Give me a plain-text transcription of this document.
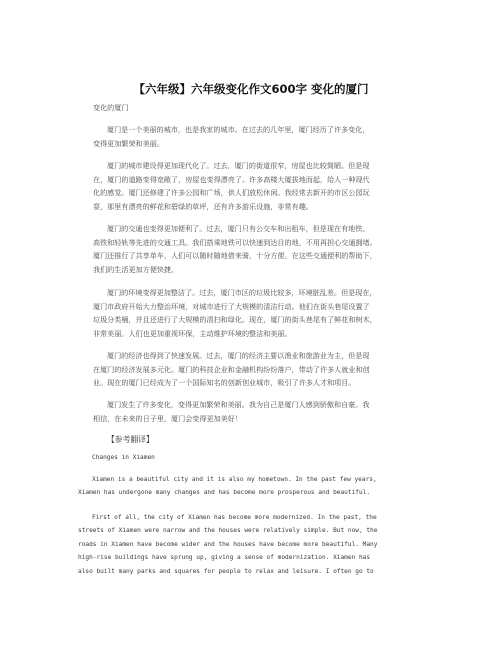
【六年级】六年级变化作文600字 变化的厦门
变化的厦门
厦门是一个美丽的城市，也是我家的城市。在过去的几年里，厦门经历了许多变化，
变得更加繁荣和美丽。
厦门的城市建设得更加现代化了。过去，厦门的街道很窄，房屋也比较简陋。但是现
在，厦门的道路变得宽敞了，房屋也变得漂亮了。许多高楼大厦拔地而起，给人一种现代
化的感觉。厦门还修建了许多公园和广场，供人们放松休闲。我经常去新开的市区公园玩
耍，那里有漂亮的鲜花和碧绿的草坪，还有许多游乐设施，非常有趣。
厦门的交通也变得更加便利了。过去，厦门只有公交车和出租车，但是现在有地铁、
高铁和轻轨等先进的交通工具。我们搭乘地铁可以快速到达目的地，不用再担心交通拥堵。
厦门还推行了共享单车，人们可以随时随地借来骑，十分方便。在这些交通便利的帮助下，
我们的生活更加方便快捷。
厦门的环境变得更加整洁了。过去，厦门市区的垃圾比较多，环境脏乱差。但是现在，
厦门市政府开始大力整治环境，对城市进行了大规模的清洁行动。他们在街头巷尾设置了
垃圾分类桶，并且还进行了大规模的清扫和绿化。现在，厦门的街头巷尾有了鲜花和树木，
非常美丽。人们也更加重视环保，主动维护环境的整洁和美丽。
厦门的经济也得到了快速发展。过去，厦门的经济主要以渔业和旅游业为主，但是现
在厦门的经济发展多元化。厦门的科技企业和金融机构纷纷落户，带动了许多人就业和创
业。现在的厦门已经成为了一个国际知名的创新创业城市，吸引了许多人才和项目。
厦门发生了许多变化，变得更加繁荣和美丽。我为自己是厦门人感到骄傲和自豪。我
相信，在未来的日子里，厦门会变得更加美好！
【参考翻译】
Changes in Xiamen
Xiamen is a beautiful city and it is also my hometown. In the past few years,
Xiamen has undergone many changes and has become more prosperous and beautiful.
First of all, the city of Xiamen has become more modernized. In the past, the
streets of Xiamen were narrow and the houses were relatively simple. But now, the
roads in Xiamen have become wider and the houses have become more beautiful. Many
high-rise buildings have sprung up, giving a sense of modernization. Xiamen has
also built many parks and squares for people to relax and leisure. I often go to
